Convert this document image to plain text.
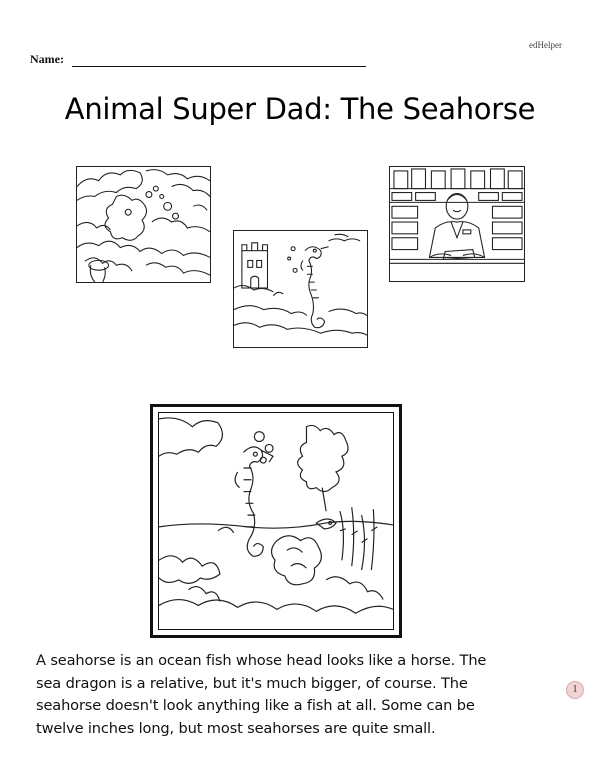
edHelper
Name:
Animal Super Dad: The Seahorse
A seahorse is an ocean fish whose head looks like a horse. The
sea dragon is a relative, but it's much bigger, of course. The
seahorse doesn't look anything like a fish at all. Some can be
twelve inches long, but most seahorses are quite small.
1
